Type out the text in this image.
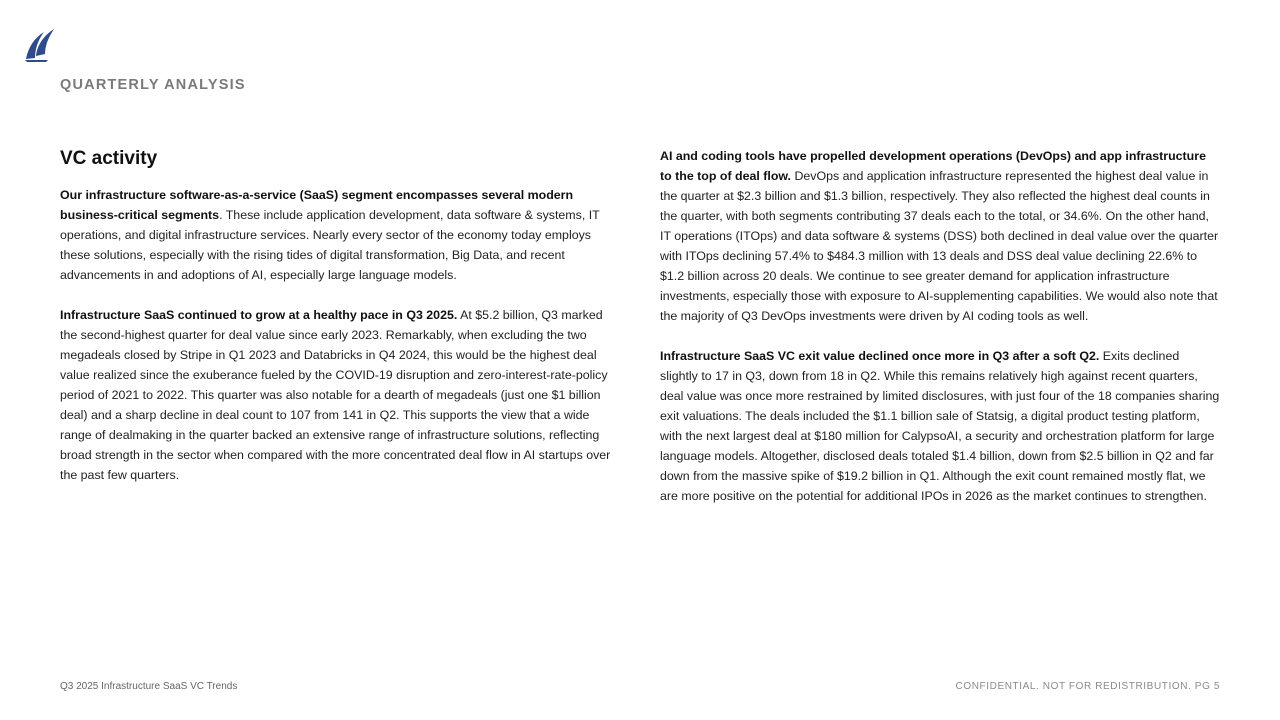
QUARTERLY ANALYSIS
VC activity

Our infrastructure software-as-a-service (SaaS) segment encompasses several modern business-critical segments. These include application development, data software & systems, IT operations, and digital infrastructure services. Nearly every sector of the economy today employs these solutions, especially with the rising tides of digital transformation, Big Data, and recent advancements in and adoptions of AI, especially large language models.

Infrastructure SaaS continued to grow at a healthy pace in Q3 2025. At $5.2 billion, Q3 marked the second-highest quarter for deal value since early 2023. Remarkably, when excluding the two megadeals closed by Stripe in Q1 2023 and Databricks in Q4 2024, this would be the highest deal value realized since the exuberance fueled by the COVID-19 disruption and zero-interest-rate-policy period of 2021 to 2022. This quarter was also notable for a dearth of megadeals (just one $1 billion deal) and a sharp decline in deal count to 107 from 141 in Q2. This supports the view that a wide range of dealmaking in the quarter backed an extensive range of infrastructure solutions, reflecting broad strength in the sector when compared with the more concentrated deal flow in AI startups over the past few quarters.

AI and coding tools have propelled development operations (DevOps) and app infrastructure to the top of deal flow. DevOps and application infrastructure represented the highest deal value in the quarter at $2.3 billion and $1.3 billion, respectively. They also reflected the highest deal counts in the quarter, with both segments contributing 37 deals each to the total, or 34.6%. On the other hand, IT operations (ITOps) and data software & systems (DSS) both declined in deal value over the quarter with ITOps declining 57.4% to $484.3 million with 13 deals and DSS deal value declining 22.6% to $1.2 billion across 20 deals. We continue to see greater demand for application infrastructure investments, especially those with exposure to AI-supplementing capabilities. We would also note that the majority of Q3 DevOps investments were driven by AI coding tools as well.

Infrastructure SaaS VC exit value declined once more in Q3 after a soft Q2. Exits declined slightly to 17 in Q3, down from 18 in Q2. While this remains relatively high against recent quarters, deal value was once more restrained by limited disclosures, with just four of the 18 companies sharing exit valuations. The deals included the $1.1 billion sale of Statsig, a digital product testing platform, with the next largest deal at $180 million for CalypsoAI, a security and orchestration platform for large language models. Altogether, disclosed deals totaled $1.4 billion, down from $2.5 billion in Q2 and far down from the massive spike of $19.2 billion in Q1. Although the exit count remained mostly flat, we are more positive on the potential for additional IPOs in 2026 as the market continues to strengthen.

Q3 2025 Infrastructure SaaS VC Trends	CONFIDENTIAL. NOT FOR REDISTRIBUTION. PG 5
